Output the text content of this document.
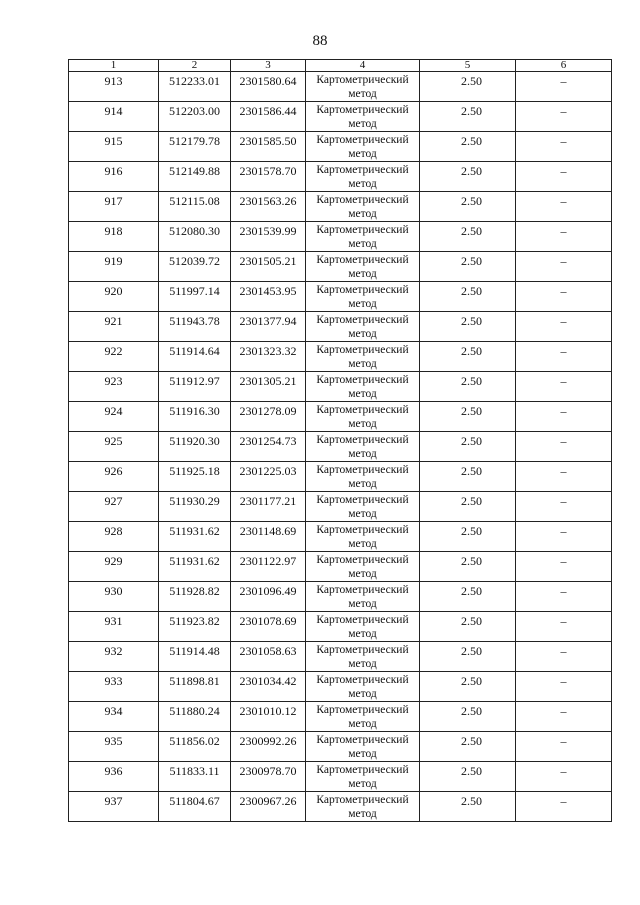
88
1	2	3	4	5	6

913	512233.01	2301580.64	Картометрический метод	2.50	–

914	512203.00	2301586.44	Картометрический метод	2.50	–

915	512179.78	2301585.50	Картометрический метод	2.50	–

916	512149.88	2301578.70	Картометрический метод	2.50	–

917	512115.08	2301563.26	Картометрический метод	2.50	–

918	512080.30	2301539.99	Картометрический метод	2.50	–

919	512039.72	2301505.21	Картометрический метод	2.50	–

920	511997.14	2301453.95	Картометрический метод	2.50	–

921	511943.78	2301377.94	Картометрический метод	2.50	–

922	511914.64	2301323.32	Картометрический метод	2.50	–

923	511912.97	2301305.21	Картометрический метод	2.50	–

924	511916.30	2301278.09	Картометрический метод	2.50	–

925	511920.30	2301254.73	Картометрический метод	2.50	–

926	511925.18	2301225.03	Картометрический метод	2.50	–

927	511930.29	2301177.21	Картометрический метод	2.50	–

928	511931.62	2301148.69	Картометрический метод	2.50	–

929	511931.62	2301122.97	Картометрический метод	2.50	–

930	511928.82	2301096.49	Картометрический метод	2.50	–

931	511923.82	2301078.69	Картометрический метод	2.50	–

932	511914.48	2301058.63	Картометрический метод	2.50	–

933	511898.81	2301034.42	Картометрический метод	2.50	–

934	511880.24	2301010.12	Картометрический метод	2.50	–

935	511856.02	2300992.26	Картометрический метод	2.50	–

936	511833.11	2300978.70	Картометрический метод	2.50	–

937	511804.67	2300967.26	Картометрический метод	2.50	–
